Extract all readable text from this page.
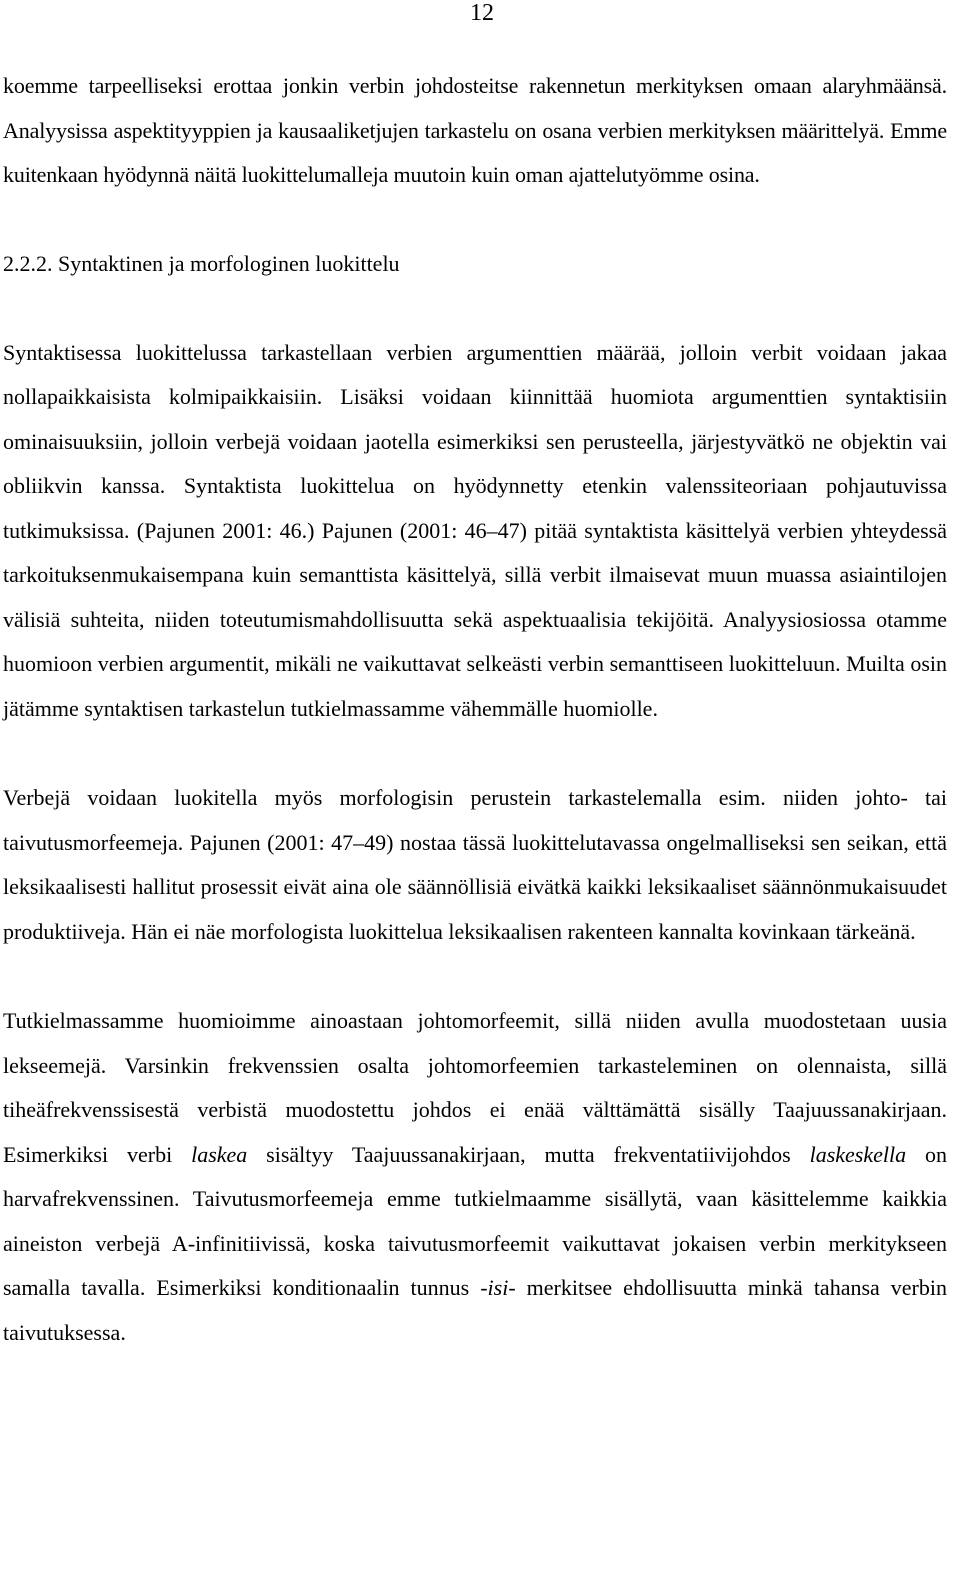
12

koemme tarpeelliseksi erottaa jonkin verbin johdosteitse rakennetun merkityksen omaan alaryhmäänsä. Analyysissa aspektityyppien ja kausaaliketjujen tarkastelu on osana verbien merkityksen määrittelyä. Emme kuitenkaan hyödynnä näitä luokittelumalleja muutoin kuin oman ajattelutyömme osina.

2.2.2. Syntaktinen ja morfologinen luokittelu

Syntaktisessa luokittelussa tarkastellaan verbien argumenttien määrää, jolloin verbit voidaan jakaa nollapaikkaisista kolmipaikkaisiin. Lisäksi voidaan kiinnittää huomiota argumenttien syntaktisiin ominaisuuksiin, jolloin verbejä voidaan jaotella esimerkiksi sen perusteella, järjestyvätkö ne objektin vai obliikvin kanssa. Syntaktista luokittelua on hyödynnetty etenkin valenssiteoriaan pohjautuvissa tutkimuksissa. (Pajunen 2001: 46.) Pajunen (2001: 46–47) pitää syntaktista käsittelyä verbien yhteydessä tarkoituksenmukaisempana kuin semanttista käsittelyä, sillä verbit ilmaisevat muun muassa asiaintilojen välisiä suhteita, niiden toteutumismahdollisuutta sekä aspektuaalisia tekijöitä. Analyysiosiossa otamme huomioon verbien argumentit, mikäli ne vaikuttavat selkeästi verbin semanttiseen luokitteluun. Muilta osin jätämme syntaktisen tarkastelun tutkielmassamme vähemmälle huomiolle.

Verbejä voidaan luokitella myös morfologisin perustein tarkastelemalla esim. niiden johto- tai taivutusmorfeemeja. Pajunen (2001: 47–49) nostaa tässä luokittelutavassa ongelmalliseksi sen seikan, että leksikaalisesti hallitut prosessit eivät aina ole säännöllisiä eivätkä kaikki leksikaaliset säännönmukaisuudet produktiiveja. Hän ei näe morfologista luokittelua leksikaalisen rakenteen kannalta kovinkaan tärkeänä.

Tutkielmassamme huomioimme ainoastaan johtomorfeemit, sillä niiden avulla muodostetaan uusia lekseemejä. Varsinkin frekvenssien osalta johtomorfeemien tarkasteleminen on olennaista, sillä tiheäfrekvenssisestä verbistä muodostettu johdos ei enää välttämättä sisälly Taajuussanakirjaan. Esimerkiksi verbi laskea sisältyy Taajuussanakirjaan, mutta frekventatiivijohdos laskeskella on harvafrekvenssinen. Taivutusmorfeemeja emme tutkielmaamme sisällytä, vaan käsittelemme kaikkia aineiston verbejä A-infinitiivissä, koska taivutusmorfeemit vaikuttavat jokaisen verbin merkitykseen samalla tavalla. Esimerkiksi konditionaalin tunnus -isi- merkitsee ehdollisuutta minkä tahansa verbin taivutuksessa.
